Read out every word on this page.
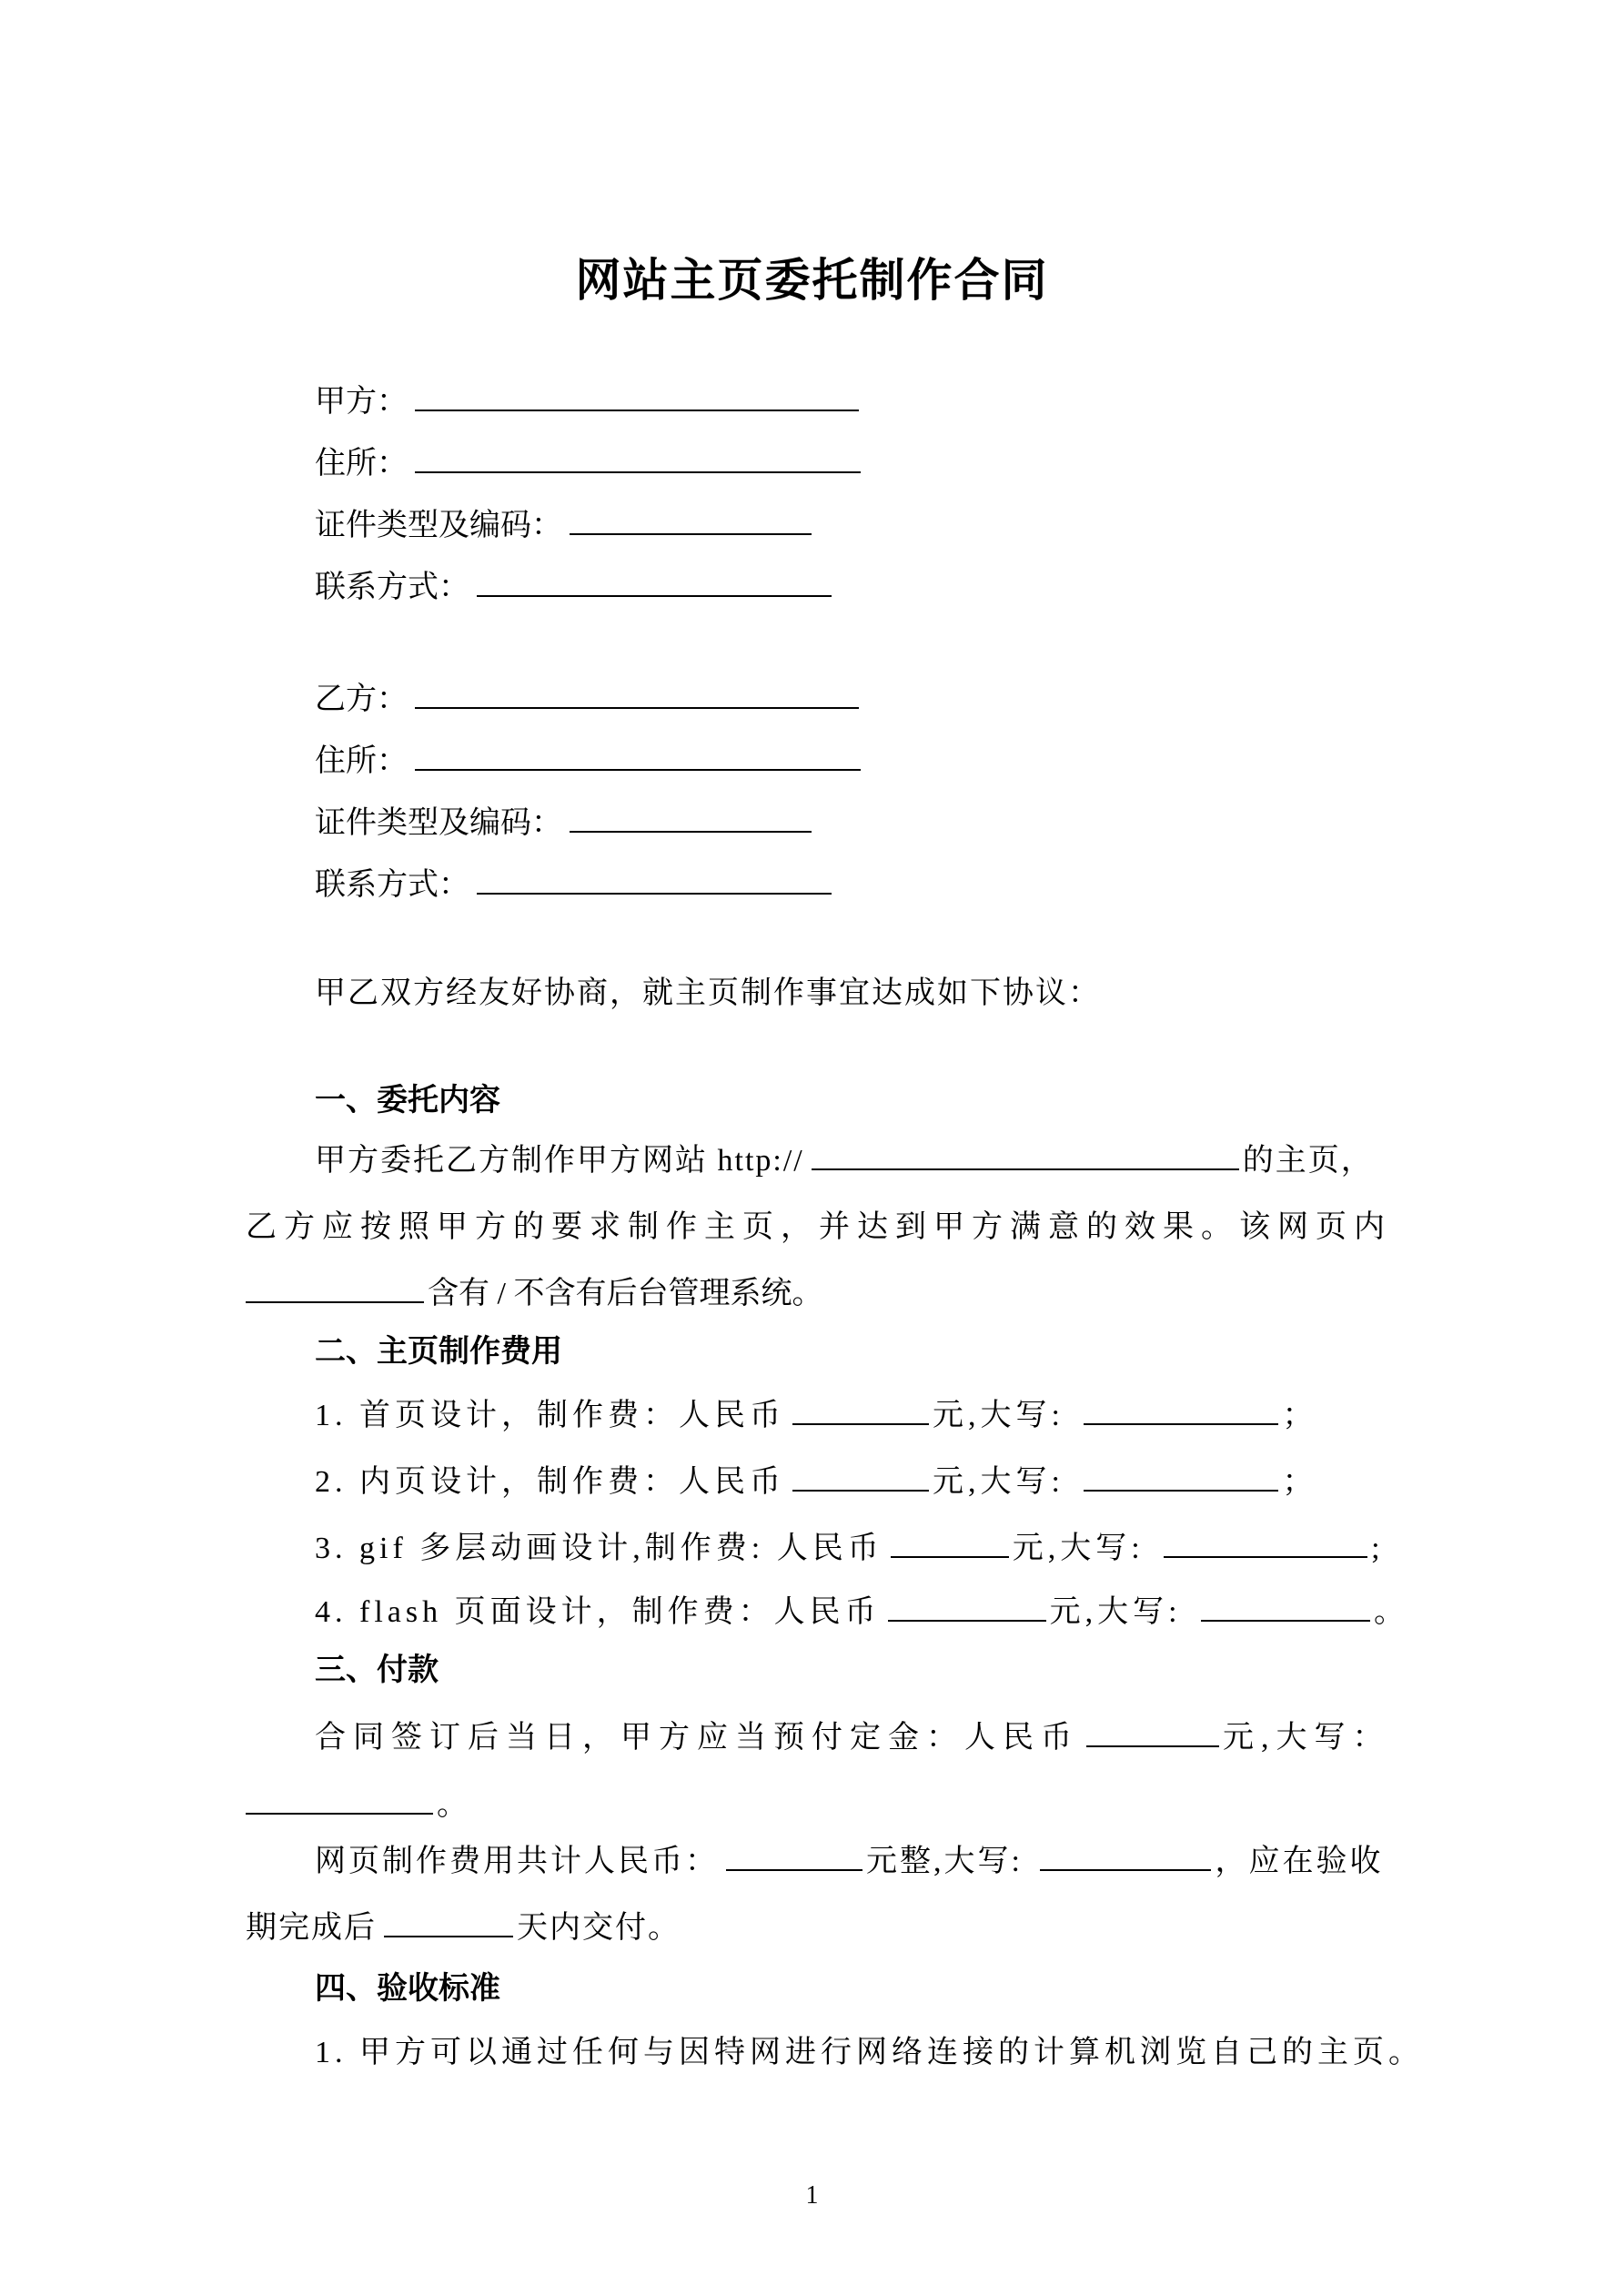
网站主页委托制作合同
甲方：
住所：
证件类型及编码：
联系方式：
乙方：
住所：
证件类型及编码：
联系方式：
甲乙双方经友好协商，就主页制作事宜达成如下协议：
一、委托内容
甲方委托乙方制作甲方网站 http://	的主页，
乙方应按照甲方的要求制作主页，并达到甲方满意的效果。该网页内
含有 / 不含有后台管理系统。
二、主页制作费用
1. 首页设计，制作费：人民币	元,大写:	；
2. 内页设计，制作费：人民币	元,大写:	；
3. gif 多层动画设计,制作费: 人民币	元,大写:	;
4. flash 页面设计，制作费：人民币	元,大写:	。
三、付款
合同签订后当日，甲方应当预付定金：人民币	元,大写：
。
网页制作费用共计人民币：	元整,大写:	，应在验收
期完成后	天内交付。
四、验收标准
1. 甲方可以通过任何与因特网进行网络连接的计算机浏览自己的主页。
1
